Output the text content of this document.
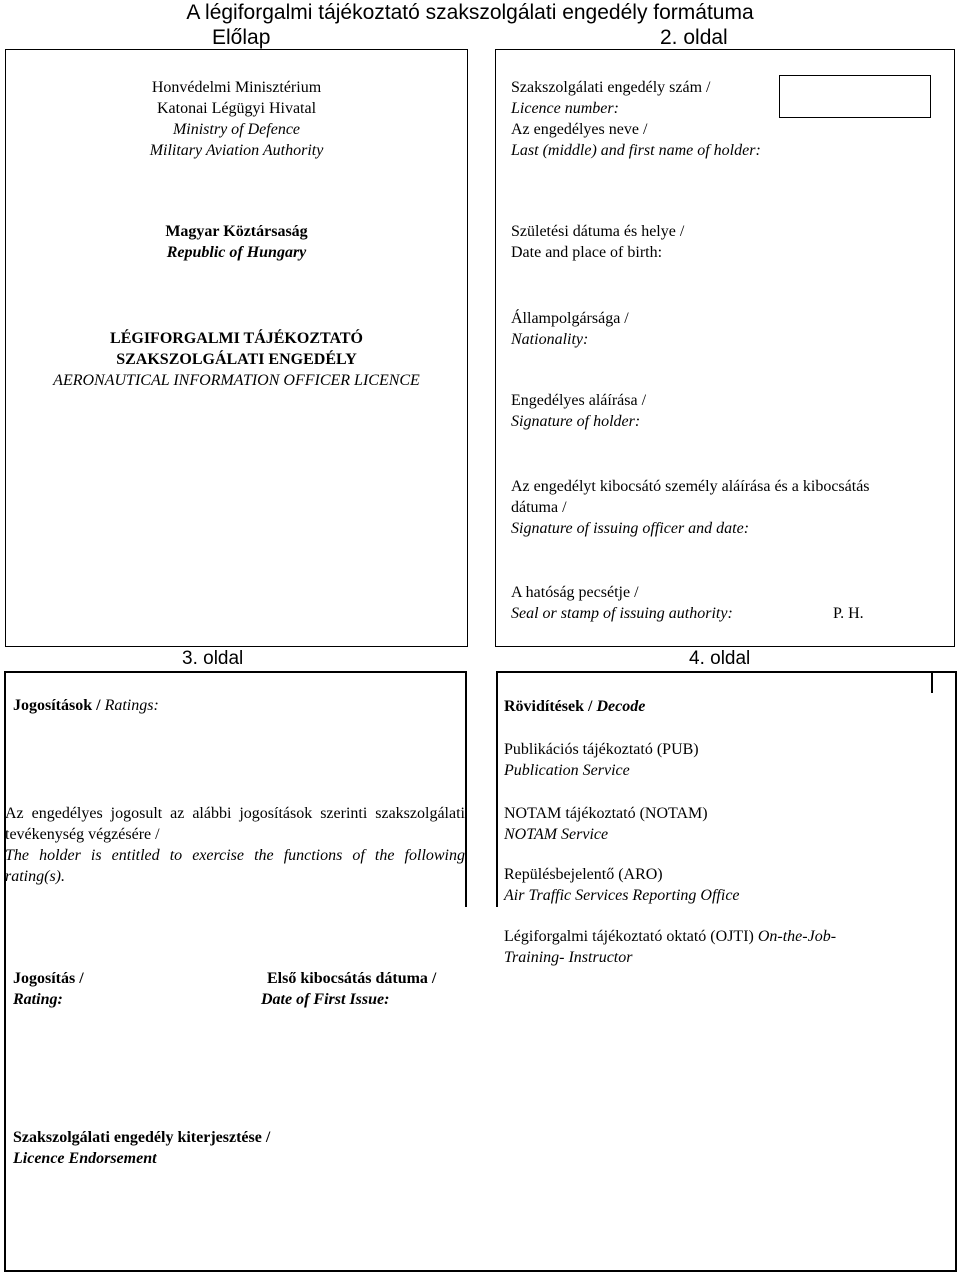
A légiforgalmi tájékoztató szakszolgálati engedély formátuma
Előlap	2. oldal
Honvédelmi Minisztérium
Katonai Légügyi Hivatal
Ministry of Defence
Military Aviation Authority
Magyar Köztársaság
Republic of Hungary
LÉGIFORGALMI TÁJÉKOZTATÓ
SZAKSZOLGÁLATI ENGEDÉLY
AERONAUTICAL INFORMATION OFFICER LICENCE
Szakszolgálati engedély szám /
Licence number:
Az engedélyes neve /
Last (middle) and first name of holder:
Születési dátuma és helye /
Date and place of birth:
Állampolgársága /
Nationality:
Engedélyes aláírása /
Signature of holder:
Az engedélyt kibocsátó személy aláírása és a kibocsátás
dátuma /
Signature of issuing officer and date:
A hatóság pecsétje /
Seal or stamp of issuing authority:	P. H.
3. oldal	4. oldal
Jogosítások / Ratings:
Az engedélyes jogosult az alábbi jogosítások szerinti szakszolgálati tevékenység végzésére /
The holder is entitled to exercise the functions of the following rating(s).
Jogosítás /
Rating:
Első kibocsátás dátuma /
Date of First Issue:
Szakszolgálati engedély kiterjesztése /
Licence Endorsement
Rövidítések / Decode
Publikációs tájékoztató (PUB)
Publication Service
NOTAM tájékoztató (NOTAM)
NOTAM Service
Repülésbejelentő (ARO)
Air Traffic Services Reporting Office
Légiforgalmi tájékoztató oktató (OJTI) On-the-Job-
Training- Instructor
